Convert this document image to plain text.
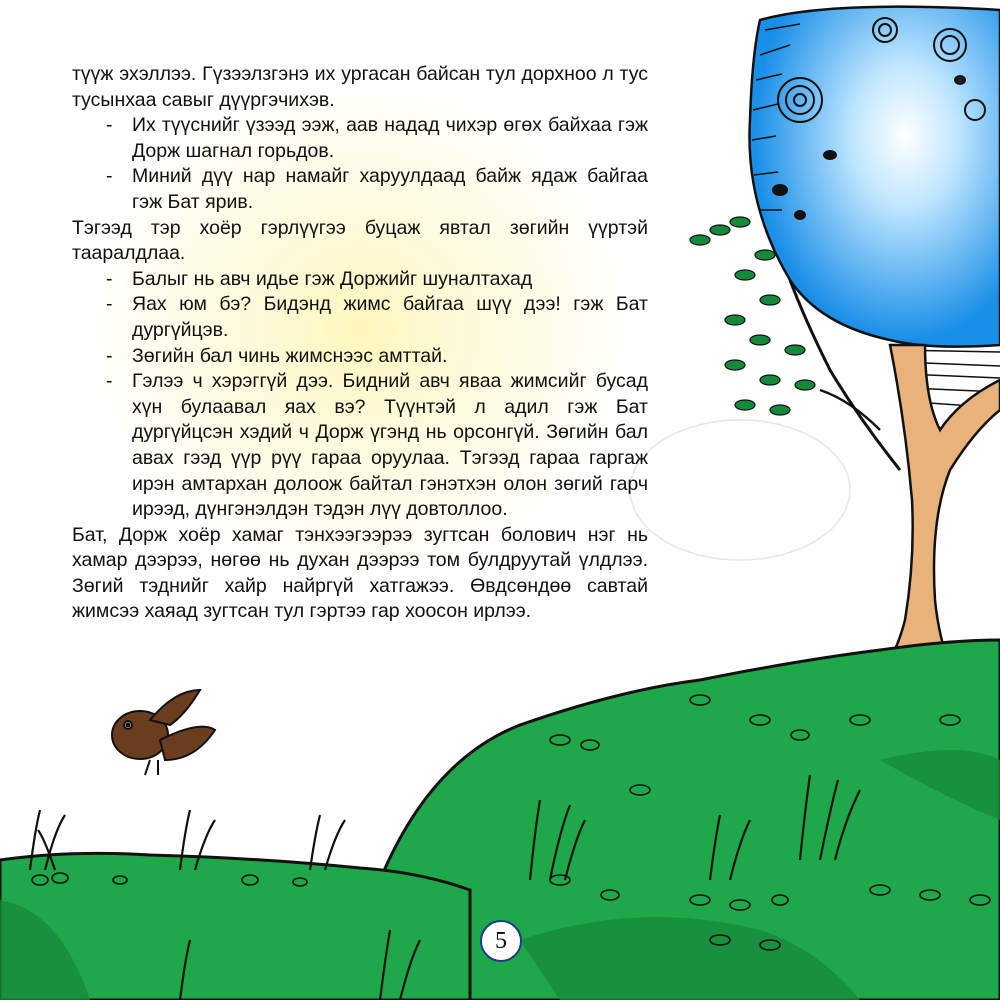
түүж эхэллээ. Гүзээлзгэнэ их ургасан байсан тул дорхноо л тус тусынхаа савыг дүүргэчихэв.

- Их түүснийг үзээд ээж, аав надад чихэр өгөх байхаа гэж Дорж шагнал горьдов.
- Миний дүү нар намайг харуулдаад байж ядаж байгаа гэж Бат ярив.

Тэгээд тэр хоёр гэрлүүгээ буцаж явтал зөгийн үүртэй тааралдлаа.

- Балыг нь авч идье гэж Доржийг шуналтахад
- Яах юм бэ? Бидэнд жимс байгаа шүү дээ! гэж Бат дургүйцэв.
- Зөгийн бал чинь жимснээс амттай.
- Гэлээ ч хэрэггүй дээ. Бидний авч яваа жимсийг бусад хүн булаавал яах вэ? Түүнтэй л адил гэж Бат дургүйцсэн хэдий ч Дорж үгэнд нь орсонгүй. Зөгийн бал авах гээд үүр рүү гараа оруулаа. Тэгээд гараа гаргаж ирэн амтархан долоож байтал гэнэтхэн олон зөгий гарч ирээд, дүнгэнэлдэн тэдэн лүү довтоллоо.

Бат, Дорж хоёр хамаг тэнхээгээрээ зугтсан болович нэг нь хамар дээрээ, нөгөө нь духан дээрээ том булдруутай үлдлээ. Зөгий тэднийг хайр найргүй хатгажээ. Өвдсөндөө савтай жимсээ хаяад зугтсан тул гэртээ гар хоосон ирлээ.

5
